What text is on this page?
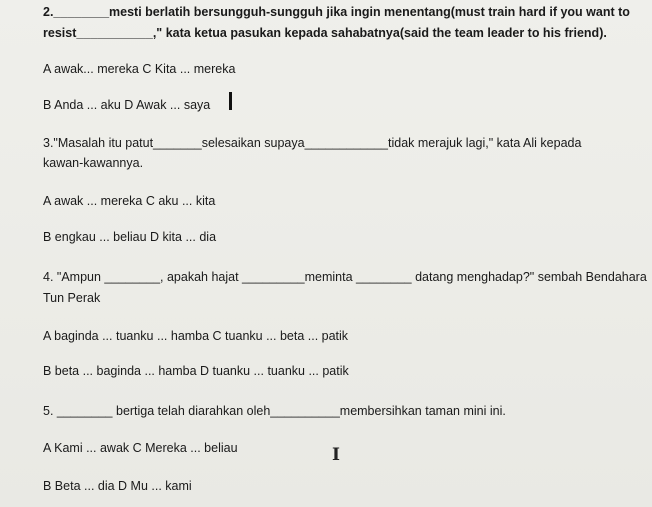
2.________mesti berlatih bersungguh-sungguh jika ingin menentang(must train hard if you want to
resist___________," kata ketua pasukan kepada sahabatnya(said the team leader to his friend).
A awak... mereka C Kita ... mereka
B Anda ... aku D Awak ... saya
3."Masalah itu patut_______selesaikan supaya____________tidak merajuk lagi," kata Ali kepada
kawan-kawannya.
A awak ... mereka C aku ... kita
B engkau ... beliau D kita ... dia
4. "Ampun ________, apakah hajat _________meminta ________ datang menghadap?" sembah Bendahara
Tun Perak
A baginda ... tuanku ... hamba C tuanku ... beta ... patik
B beta ... baginda ... hamba D tuanku ... tuanku ... patik
5. ________ bertiga telah diarahkan oleh__________membersihkan taman mini ini.
A Kami ... awak C Mereka ... beliau	I
B Beta ... dia D Mu ... kami
